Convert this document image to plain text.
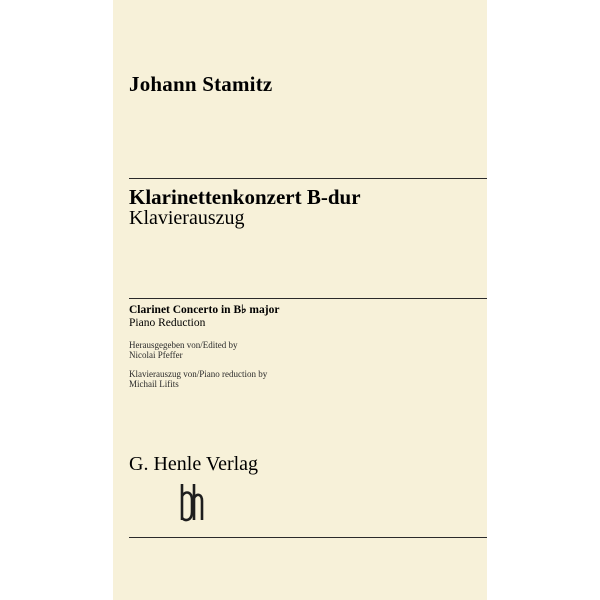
Johann Stamitz
Klarinettenkonzert B-dur
Klavierauszug
Clarinet Concerto in B♭ major
Piano Reduction
Herausgegeben von/Edited by
Nicolai Pfeffer
Klavierauszug von/Piano reduction by
Michail Lifits
G. Henle Verlag
